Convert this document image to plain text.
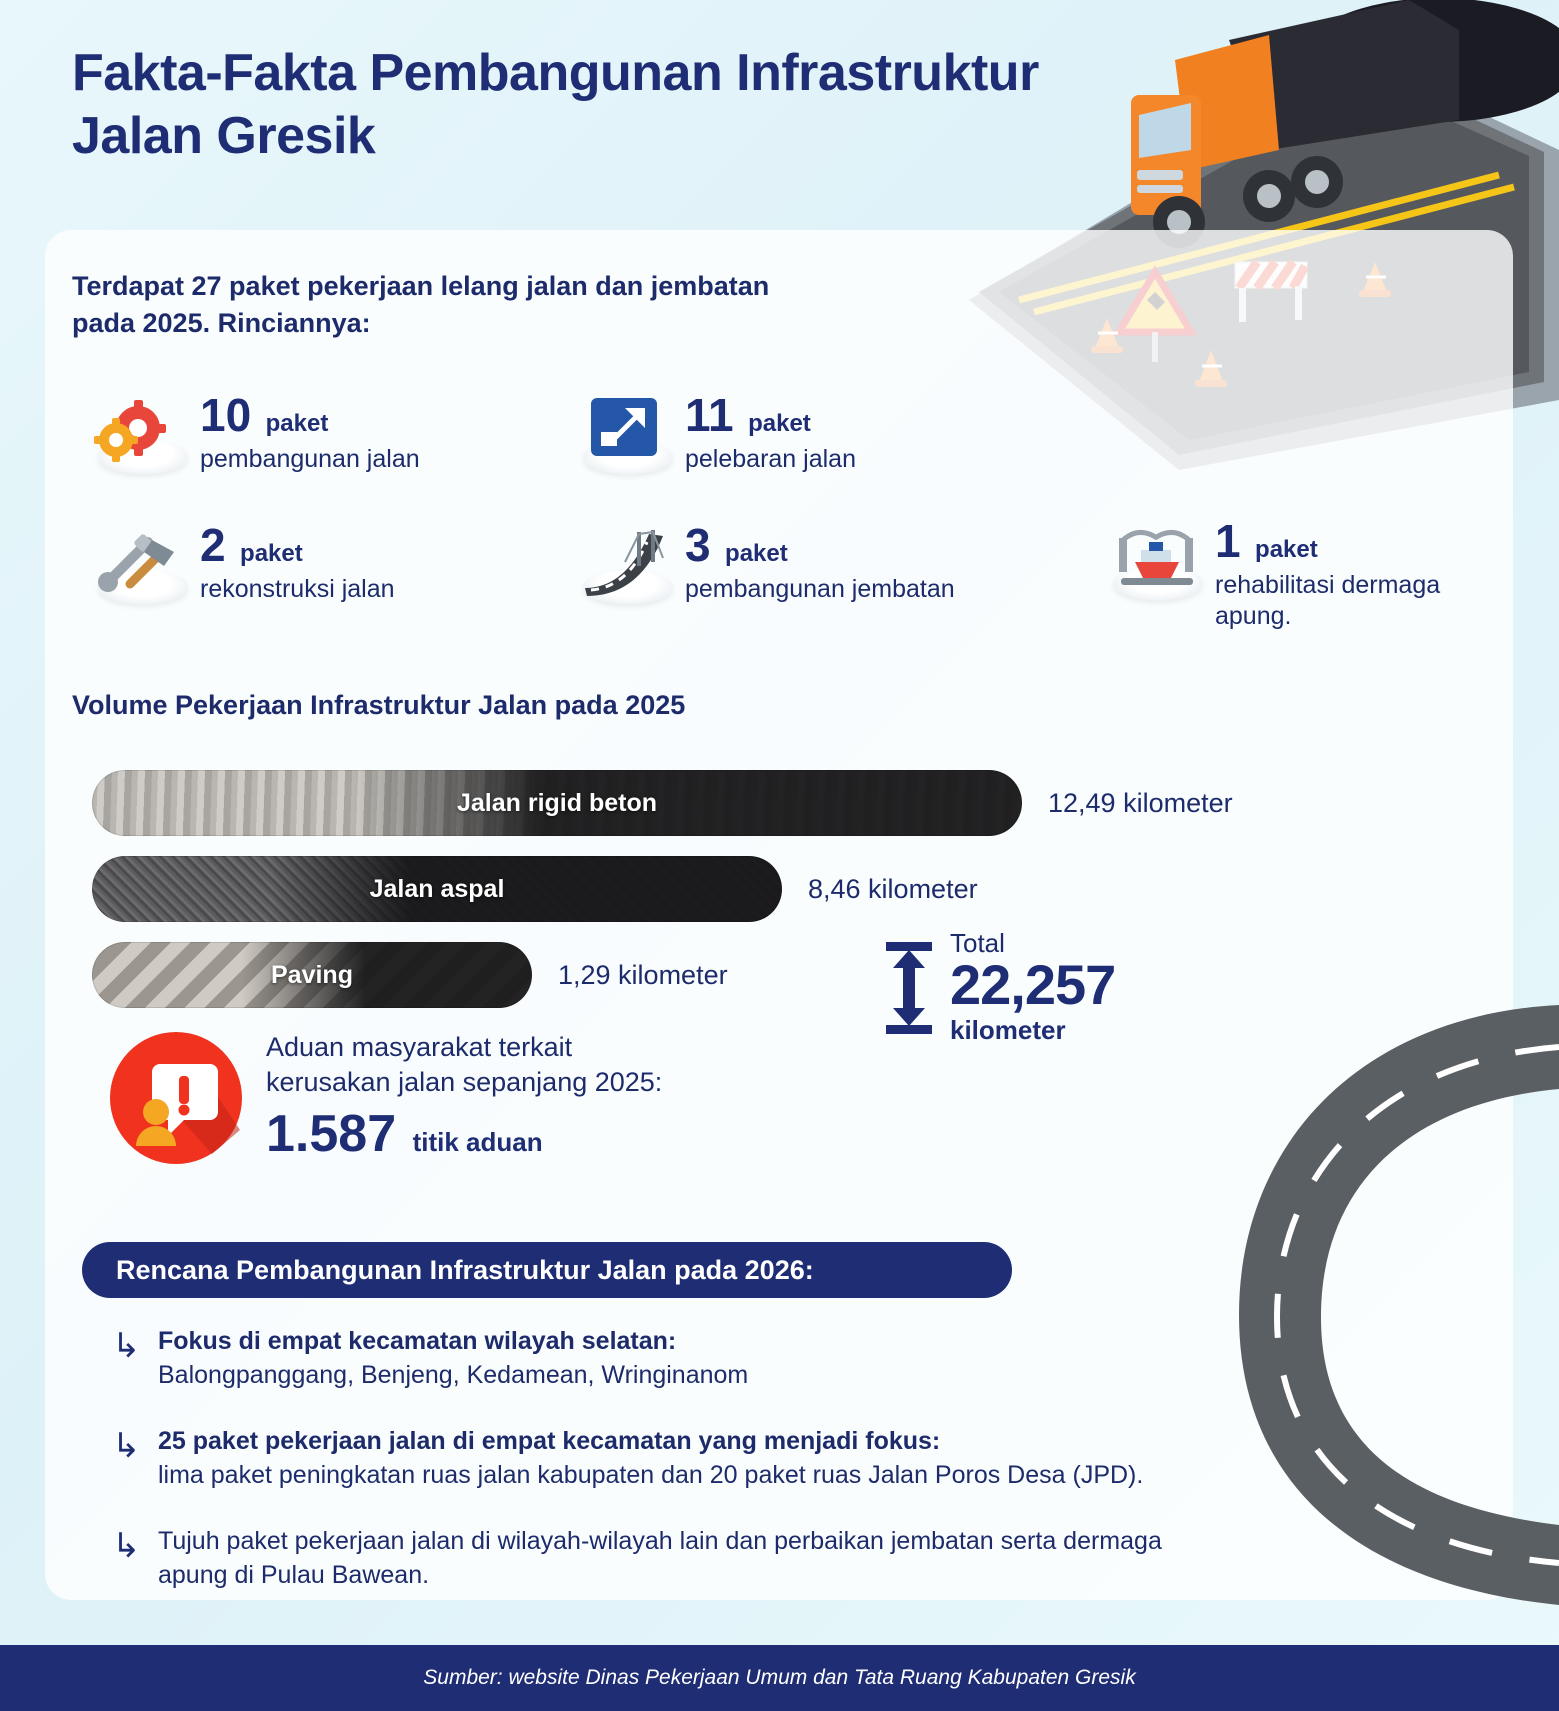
Fakta-Fakta Pembangunan Infrastruktur Jalan Gresik
Terdapat 27 paket pekerjaan lelang jalan dan jembatan pada 2025. Rinciannya:
10 paket
pembangunan jalan
11 paket
pelebaran jalan
2 paket
rekonstruksi jalan
3 paket
pembangunan jembatan
1 paket
rehabilitasi dermaga apung.
Volume Pekerjaan Infrastruktur Jalan pada 2025
Jalan rigid beton	12,49 kilometer
Jalan aspal	8,46 kilometer
Paving	1,29 kilometer
Total
22,257
kilometer
Aduan masyarakat terkait
kerusakan jalan sepanjang 2025:
1.587 titik aduan
Rencana Pembangunan Infrastruktur Jalan pada 2026:
↳ Fokus di empat kecamatan wilayah selatan:
Balongpanggang, Benjeng, Kedamean, Wringinanom
↳ 25 paket pekerjaan jalan di empat kecamatan yang menjadi fokus:
lima paket peningkatan ruas jalan kabupaten dan 20 paket ruas Jalan Poros Desa (JPD).
↳ Tujuh paket pekerjaan jalan di wilayah-wilayah lain dan perbaikan jembatan serta dermaga apung di Pulau Bawean.
Sumber: website Dinas Pekerjaan Umum dan Tata Ruang Kabupaten Gresik
